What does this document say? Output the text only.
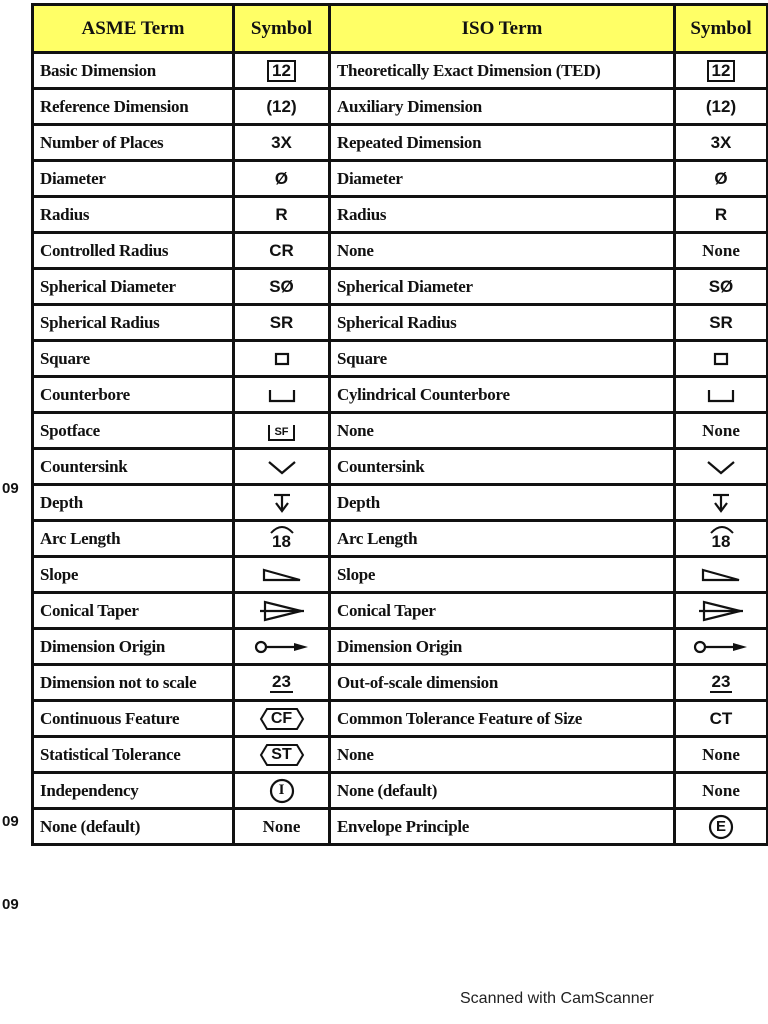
ASME Term	Symbol	ISO Term	Symbol
Basic Dimension	12	Theoretically Exact Dimension (TED)	12
Reference Dimension	(12)	Auxiliary Dimension	(12)
Number of Places	3X	Repeated Dimension	3X
Diameter	Ø	Diameter	Ø
Radius	R	Radius	R
Controlled Radius	CR	None	None
Spherical Diameter	SØ	Spherical Diameter	SØ
Spherical Radius	SR	Spherical Radius	SR
Square		Square	
Counterbore		Cylindrical Counterbore	
Spotface	SF	None	None
Countersink		Countersink	
Depth		Depth	
Arc Length	18	Arc Length	18
Slope		Slope	
Conical Taper		Conical Taper	
Dimension Origin		Dimension Origin	
Dimension not to scale	23	Out-of-scale dimension	23
Continuous Feature	CF	Common Tolerance Feature of Size	CT
Statistical Tolerance	ST	None	None
Independency	I	None (default)	None
None (default)	None	Envelope Principle	E
09
09
09
Scanned with CamScanner
